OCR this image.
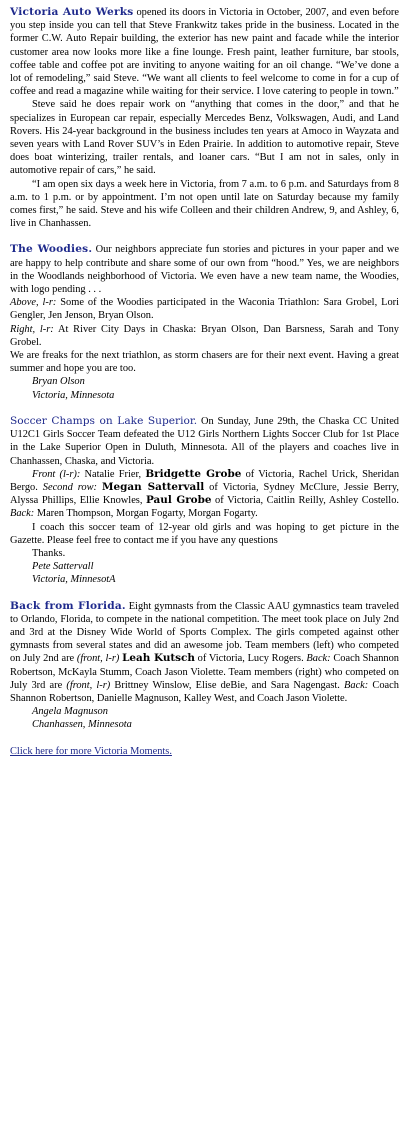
Victoria Auto Werks opened its doors in Victoria in October, 2007, and even before you step inside you can tell that Steve Frankwitz takes pride in the business. Located in the former C.W. Auto Repair building, the exterior has new paint and facade while the interior customer area now looks more like a fine lounge. Fresh paint, leather furniture, bar stools, coffee table and coffee pot are inviting to anyone waiting for an oil change. “We’ve done a lot of remodeling,” said Steve. “We want all clients to feel welcome to come in for a cup of coffee and read a magazine while waiting for their service. I love catering to people in town.”

Steve said he does repair work on “anything that comes in the door,” and that he specializes in European car repair, especially Mercedes Benz, Volkswagen, Audi, and Land Rovers. His 24-year background in the business includes ten years at Amoco in Wayzata and seven years with Land Rover SUV’s in Eden Prairie. In addition to automotive repair, Steve does boat winterizing, trailer rentals, and loaner cars. “But I am not in sales, only in automotive repair of cars,” he said.

“I am open six days a week here in Victoria, from 7 a.m. to 6 p.m. and Saturdays from 8 a.m. to 1 p.m. or by appointment. I’m not open until late on Saturday because my family comes first,” he said. Steve and his wife Colleen and their children Andrew, 9, and Ashley, 6, live in Chanhassen.

The Woodies. Our neighbors appreciate fun stories and pictures in your paper and we are happy to help contribute and share some of our own from “hood.” Yes, we are neighbors in the Woodlands neighborhood of Victoria. We even have a new team name, the Woodies, with logo pending . . .

Above, l-r: Some of the Woodies participated in the Waconia Triathlon: Sara Grobel, Lori Gengler, Jen Jenson, Bryan Olson.

Right, l-r: At River City Days in Chaska: Bryan Olson, Dan Barsness, Sarah and Tony Grobel.

We are freaks for the next triathlon, as storm chasers are for their next event. Having a great summer and hope you are too.

Bryan Olson

Victoria, Minnesota

Soccer Champs on Lake Superior. On Sunday, June 29th, the Chaska CC United U12C1 Girls Soccer Team defeated the U12 Girls Northern Lights Soccer Club for 1st Place in the Lake Superior Open in Duluth, Minnesota. All of the players and coaches live in Chanhassen, Chaska, and Victoria.

Front (l-r): Natalie Frier, Bridgette Grobe of Victoria, Rachel Urick, Sheridan Bergo. Second row: Megan Sattervall of Victoria, Sydney McClure, Jessie Berry, Alyssa Phillips, Ellie Knowles, Paul Grobe of Victoria, Caitlin Reilly, Ashley Costello. Back: Maren Thompson, Morgan Fogarty, Morgan Fogarty.

I coach this soccer team of 12-year old girls and was hoping to get picture in the Gazette. Please feel free to contact me if you have any questions

Thanks.

Pete Sattervall

Victoria, MinnesotA

Back from Florida. Eight gymnasts from the Classic AAU gymnastics team traveled to Orlando, Florida, to compete in the national competition. The meet took place on July 2nd and 3rd at the Disney Wide World of Sports Complex. The girls competed against other gymnasts from several states and did an awesome job. Team members (left) who competed on July 2nd are (front, l-r) Leah Kutsch of Victoria, Lucy Rogers. Back: Coach Shannon Robertson, McKayla Stumm, Coach Jason Violette. Team members (right) who competed on July 3rd are (front, l-r) Brittney Winslow, Elise deBie, and Sara Nagengast. Back: Coach Shannon Robertson, Danielle Magnuson, Kalley West, and Coach Jason Violette.

Angela Magnuson

Chanhassen, Minnesota

Click here for more Victoria Moments.
